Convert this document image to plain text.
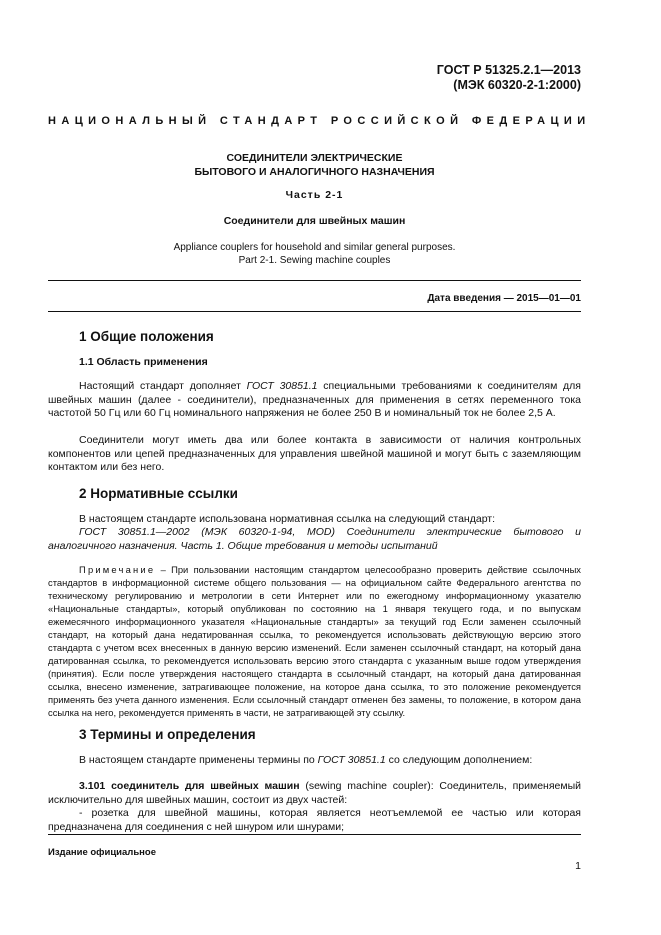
ГОСТ Р 51325.2.1—2013
(МЭК 60320-2-1:2000)
НАЦИОНАЛЬНЫЙ СТАНДАРТ РОССИЙСКОЙ ФЕДЕРАЦИИ
СОЕДИНИТЕЛИ ЭЛЕКТРИЧЕСКИЕ
БЫТОВОГО И АНАЛОГИЧНОГО НАЗНАЧЕНИЯ
Часть 2-1
Соединители для швейных машин
Appliance couplers for household and similar general purposes.
Part 2-1. Sewing machine couples
Дата введения — 2015—01—01
1 Общие положения
1.1 Область применения
Настоящий стандарт дополняет ГОСТ 30851.1 специальными требованиями к соединителям для швейных машин (далее - соединители), предназначенных для применения в сетях переменного тока частотой 50 Гц или 60 Гц номинального напряжения не более 250 В и номинальный ток не более 2,5 А.
Соединители могут иметь два или более контакта в зависимости от наличия контрольных компонентов или цепей предназначенных для управления швейной машиной и могут быть с заземляющим контактом или без него.
2 Нормативные ссылки
В настоящем стандарте использована нормативная ссылка на следующий стандарт:
ГОСТ 30851.1—2002 (МЭК 60320-1-94, MOD) Соединители электрические бытового и аналогичного назначения. Часть 1. Общие требования и методы испытаний
Примечание – При пользовании настоящим стандартом целесообразно проверить действие ссылочных стандартов в информационной системе общего пользования — на официальном сайте Федерального агентства по техническому регулированию и метрологии в сети Интернет или по ежегодному информационному указателю «Национальные стандарты», который опубликован по состоянию на 1 января текущего года, и по выпускам ежемесячного информационного указателя «Национальные стандарты» за текущий год Если заменен ссылочный стандарт, на который дана недатированная ссылка, то рекомендуется использовать действующую версию этого стандарта с учетом всех внесенных в данную версию изменений. Если заменен ссылочный стандарт, на который дана датированная ссылка, то рекомендуется использовать версию этого стандарта с указанным выше годом утверждения (принятия). Если после утверждения настоящего стандарта в ссылочный стандарт, на который дана датированная ссылка, внесено изменение, затрагивающее положение, на которое дана ссылка, то это положение рекомендуется применять без учета данного изменения. Если ссылочный стандарт отменен без замены, то положение, в котором дана ссылка на него, рекомендуется применять в части, не затрагивающей эту ссылку.
3 Термины и определения
В настоящем стандарте применены термины по ГОСТ 30851.1 со следующим дополнением:
3.101 соединитель для швейных машин (sewing machine coupler): Соединитель, применяемый исключительно для швейных машин, состоит из двух частей:
- розетка для швейной машины, которая является неотъемлемой ее частью или которая предназначена для соединения с ней шнуром или шнурами;
Издание официальное
1
